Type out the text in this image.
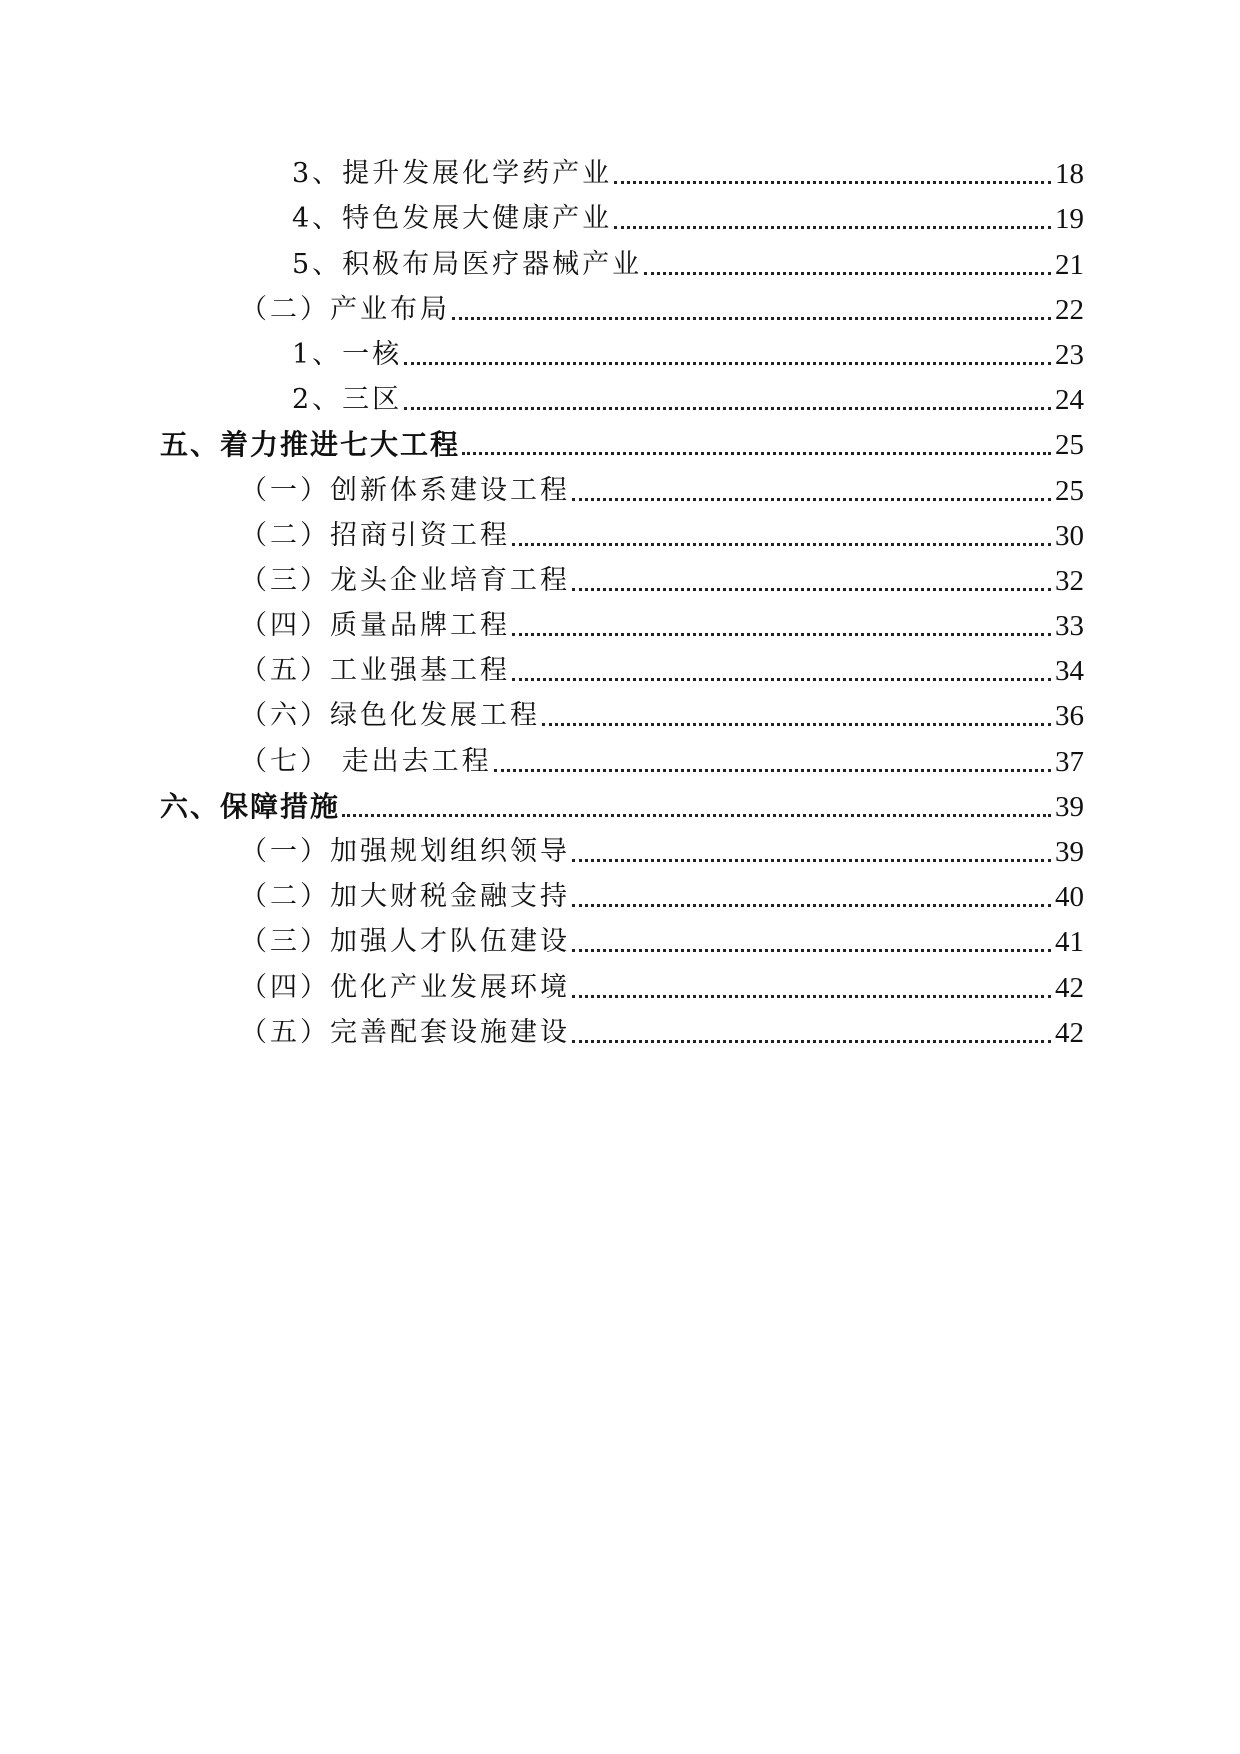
3、提升发展化学药产业	18
4、特色发展大健康产业	19
5、积极布局医疗器械产业	21
（二）产业布局	22
1、一核	23
2、三区	24
五、着力推进七大工程	25
（一）创新体系建设工程	25
（二）招商引资工程	30
（三）龙头企业培育工程	32
（四）质量品牌工程	33
（五）工业强基工程	34
（六）绿色化发展工程	36
（七） 走出去工程	37
六、保障措施	39
（一）加强规划组织领导	39
（二）加大财税金融支持	40
（三）加强人才队伍建设	41
（四）优化产业发展环境	42
（五）完善配套设施建设	42
